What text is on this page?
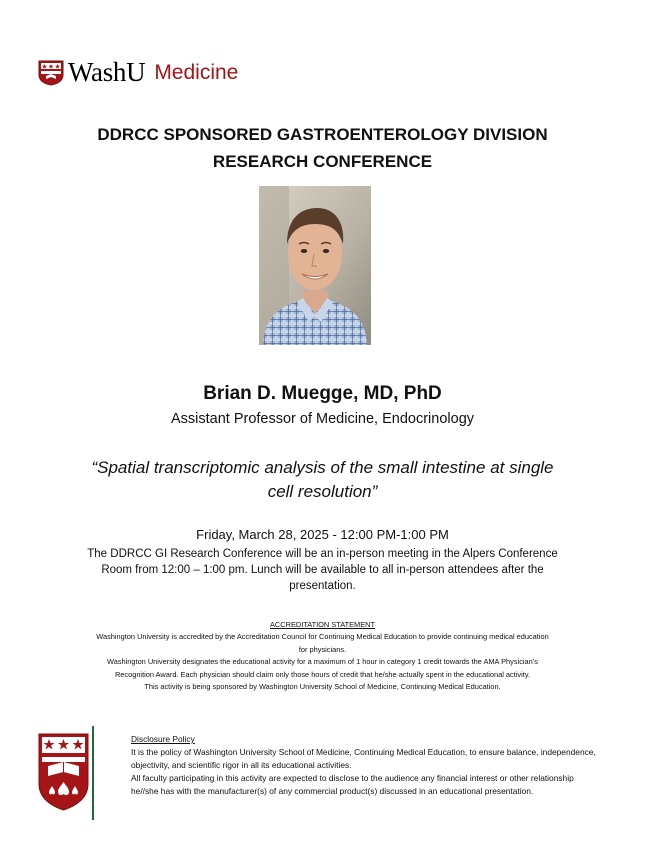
WashU Medicine

DDRCC SPONSORED GASTROENTEROLOGY DIVISION

RESEARCH CONFERENCE

Brian D. Muegge, MD, PhD
Assistant Professor of Medicine, Endocrinology

“Spatial transcriptomic analysis of the small intestine at single

cell resolution”

Friday, March 28, 2025 - 12:00 PM-1:00 PM

The DDRCC GI Research Conference will be an in-person meeting in the Alpers Conference

Room from 12:00 – 1:00 pm. Lunch will be available to all in-person attendees after the

presentation.

ACCREDITATION STATEMENT

Washington University is accredited by the Accreditation Council for Continuing Medical Education to provide continuing medical education

for physicians.

Washington University designates the educational activity for a maximum of 1 hour in category 1 credit towards the AMA Physician’s

Recognition Award. Each physician should claim only those hours of credit that he/she actually spent in the educational activity.

This activity is being sponsored by Washington University School of Medicine, Continuing Medical Education.

Disclosure Policy

It is the policy of Washington University School of Medicine, Continuing Medical Education, to ensure balance, independence,

objectivity, and scientific rigor in all its educational activities.

All faculty participating in this activity are expected to disclose to the audience any financial interest or other relationship

he//she has with the manufacturer(s) of any commercial product(s) discussed in an educational presentation.
